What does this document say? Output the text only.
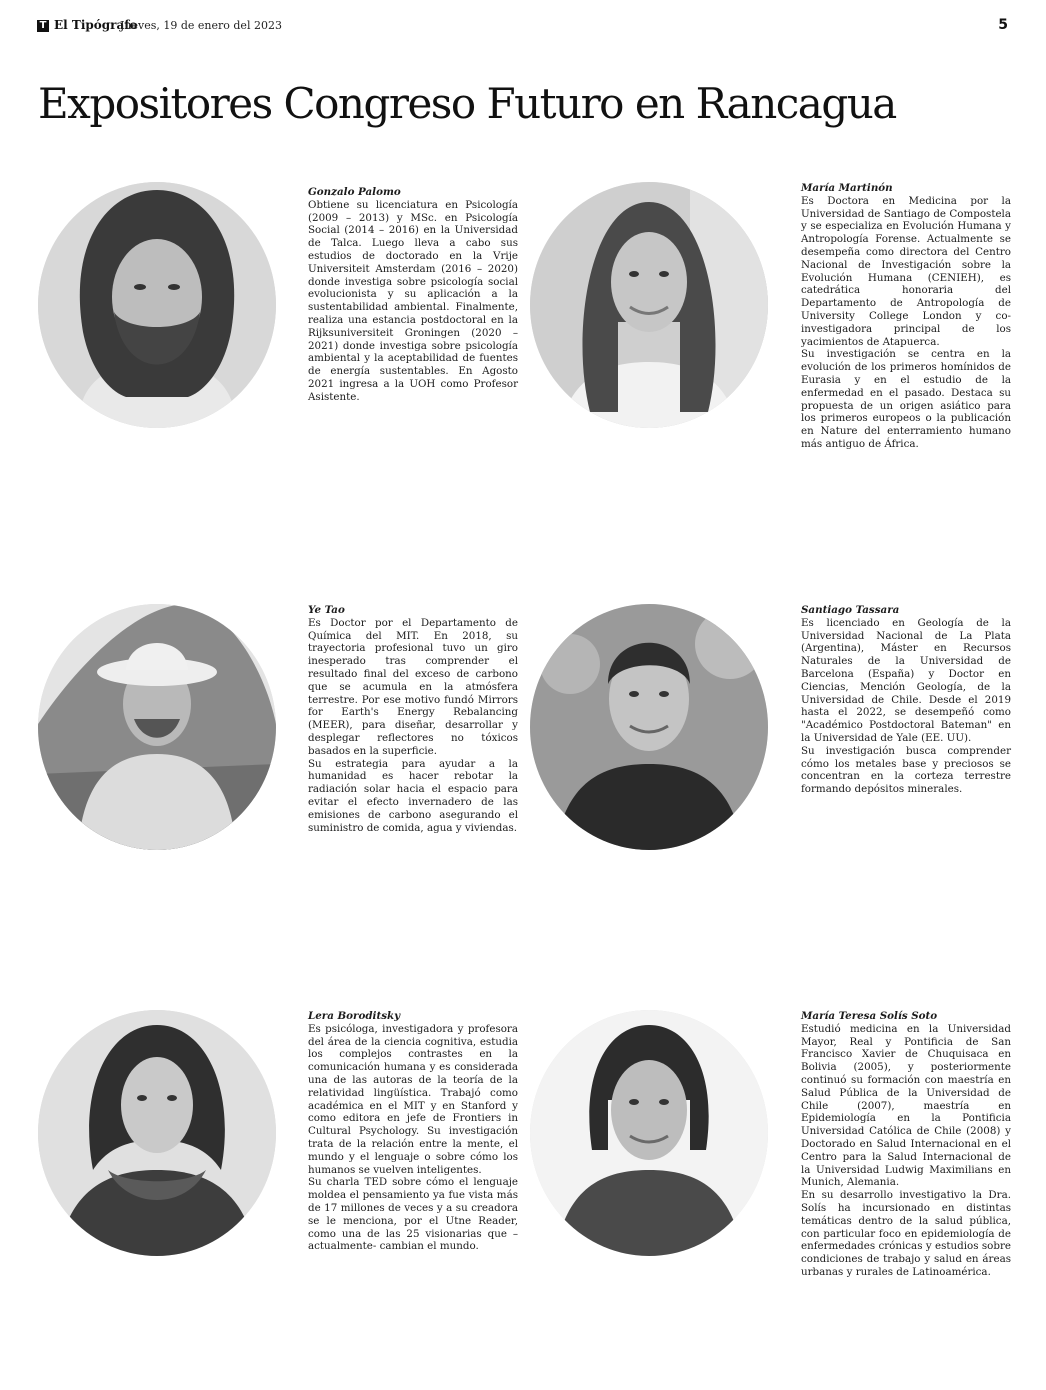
T El Tipógrafo
Jueves, 19 de enero del 2023	5
Expositores Congreso Futuro en Rancagua
Gonzalo Palomo

Obtiene su licenciatura en Psicología (2009 – 2013) y MSc. en Psicología Social (2014 – 2016) en la Universidad de Talca. Luego lleva a cabo sus estudios de doctorado en la Vrije Universiteit Amsterdam (2016 – 2020) donde investiga sobre psicología social evolucionista y su aplicación a la sustentabilidad ambiental. Finalmente, realiza una estancia postdoctoral en la Rijksuniversiteit Groningen (2020 – 2021) donde investiga sobre psicología ambiental y la aceptabilidad de fuentes de energía sustentables. En Agosto 2021 ingresa a la UOH como Profesor Asistente.

María Martinón

Es Doctora en Medicina por la Universidad de Santiago de Compostela y se especializa en Evolución Humana y Antropología Forense. Actualmente se desempeña como directora del Centro Nacional de Investigación sobre la Evolución Humana (CENIEH), es catedrática honoraria del Departamento de Antropología de University College London y co-investigadora principal de los yacimientos de Atapuerca.

Su investigación se centra en la evolución de los primeros homínidos de Eurasia y en el estudio de la enfermedad en el pasado. Destaca su propuesta de un origen asiático para los primeros europeos o la publicación en Nature del enterramiento humano más antiguo de África.

Ye Tao

Es Doctor por el Departamento de Química del MIT. En 2018, su trayectoria profesional tuvo un giro inesperado tras comprender el resultado final del exceso de carbono que se acumula en la atmósfera terrestre. Por ese motivo fundó Mirrors for Earth's Energy Rebalancing (MEER), para diseñar, desarrollar y desplegar reflectores no tóxicos basados en la superficie.

Su estrategia para ayudar a la humanidad es hacer rebotar la radiación solar hacia el espacio para evitar el efecto invernadero de las emisiones de carbono asegurando el suministro de comida, agua y viviendas.

Santiago Tassara

Es licenciado en Geología de la Universidad Nacional de La Plata (Argentina), Máster en Recursos Naturales de la Universidad de Barcelona (España) y Doctor en Ciencias, Mención Geología, de la Universidad de Chile. Desde el 2019 hasta el 2022, se desempeñó como "Académico Postdoctoral Bateman" en la Universidad de Yale (EE. UU).

Su investigación busca comprender cómo los metales base y preciosos se concentran en la corteza terrestre formando depósitos minerales.

Lera Boroditsky

Es psicóloga, investigadora y profesora del área de la ciencia cognitiva, estudia los complejos contrastes en la comunicación humana y es considerada una de las autoras de la teoría de la relatividad lingüística. Trabajó como académica en el MIT y en Stanford y como editora en jefe de Frontiers in Cultural Psychology. Su investigación trata de la relación entre la mente, el mundo y el lenguaje o sobre cómo los humanos se vuelven inteligentes.

Su charla TED sobre cómo el lenguaje moldea el pensamiento ya fue vista más de 17 millones de veces y a su creadora se le menciona, por el Utne Reader, como una de las 25 visionarias que –actualmente- cambian el mundo.

María Teresa Solís Soto

Estudió medicina en la Universidad Mayor, Real y Pontificia de San Francisco Xavier de Chuquisaca en Bolivia (2005), y posteriormente continuó su formación con maestría en Salud Pública de la Universidad de Chile (2007), maestría en Epidemiología en la Pontificia Universidad Católica de Chile (2008) y Doctorado en Salud Internacional en el Centro para la Salud Internacional de la Universidad Ludwig Maximilians en Munich, Alemania.

En su desarrollo investigativo la Dra. Solís ha incursionado en distintas temáticas dentro de la salud pública, con particular foco en epidemiología de enfermedades crónicas y estudios sobre condiciones de trabajo y salud en áreas urbanas y rurales de Latinoamérica.
